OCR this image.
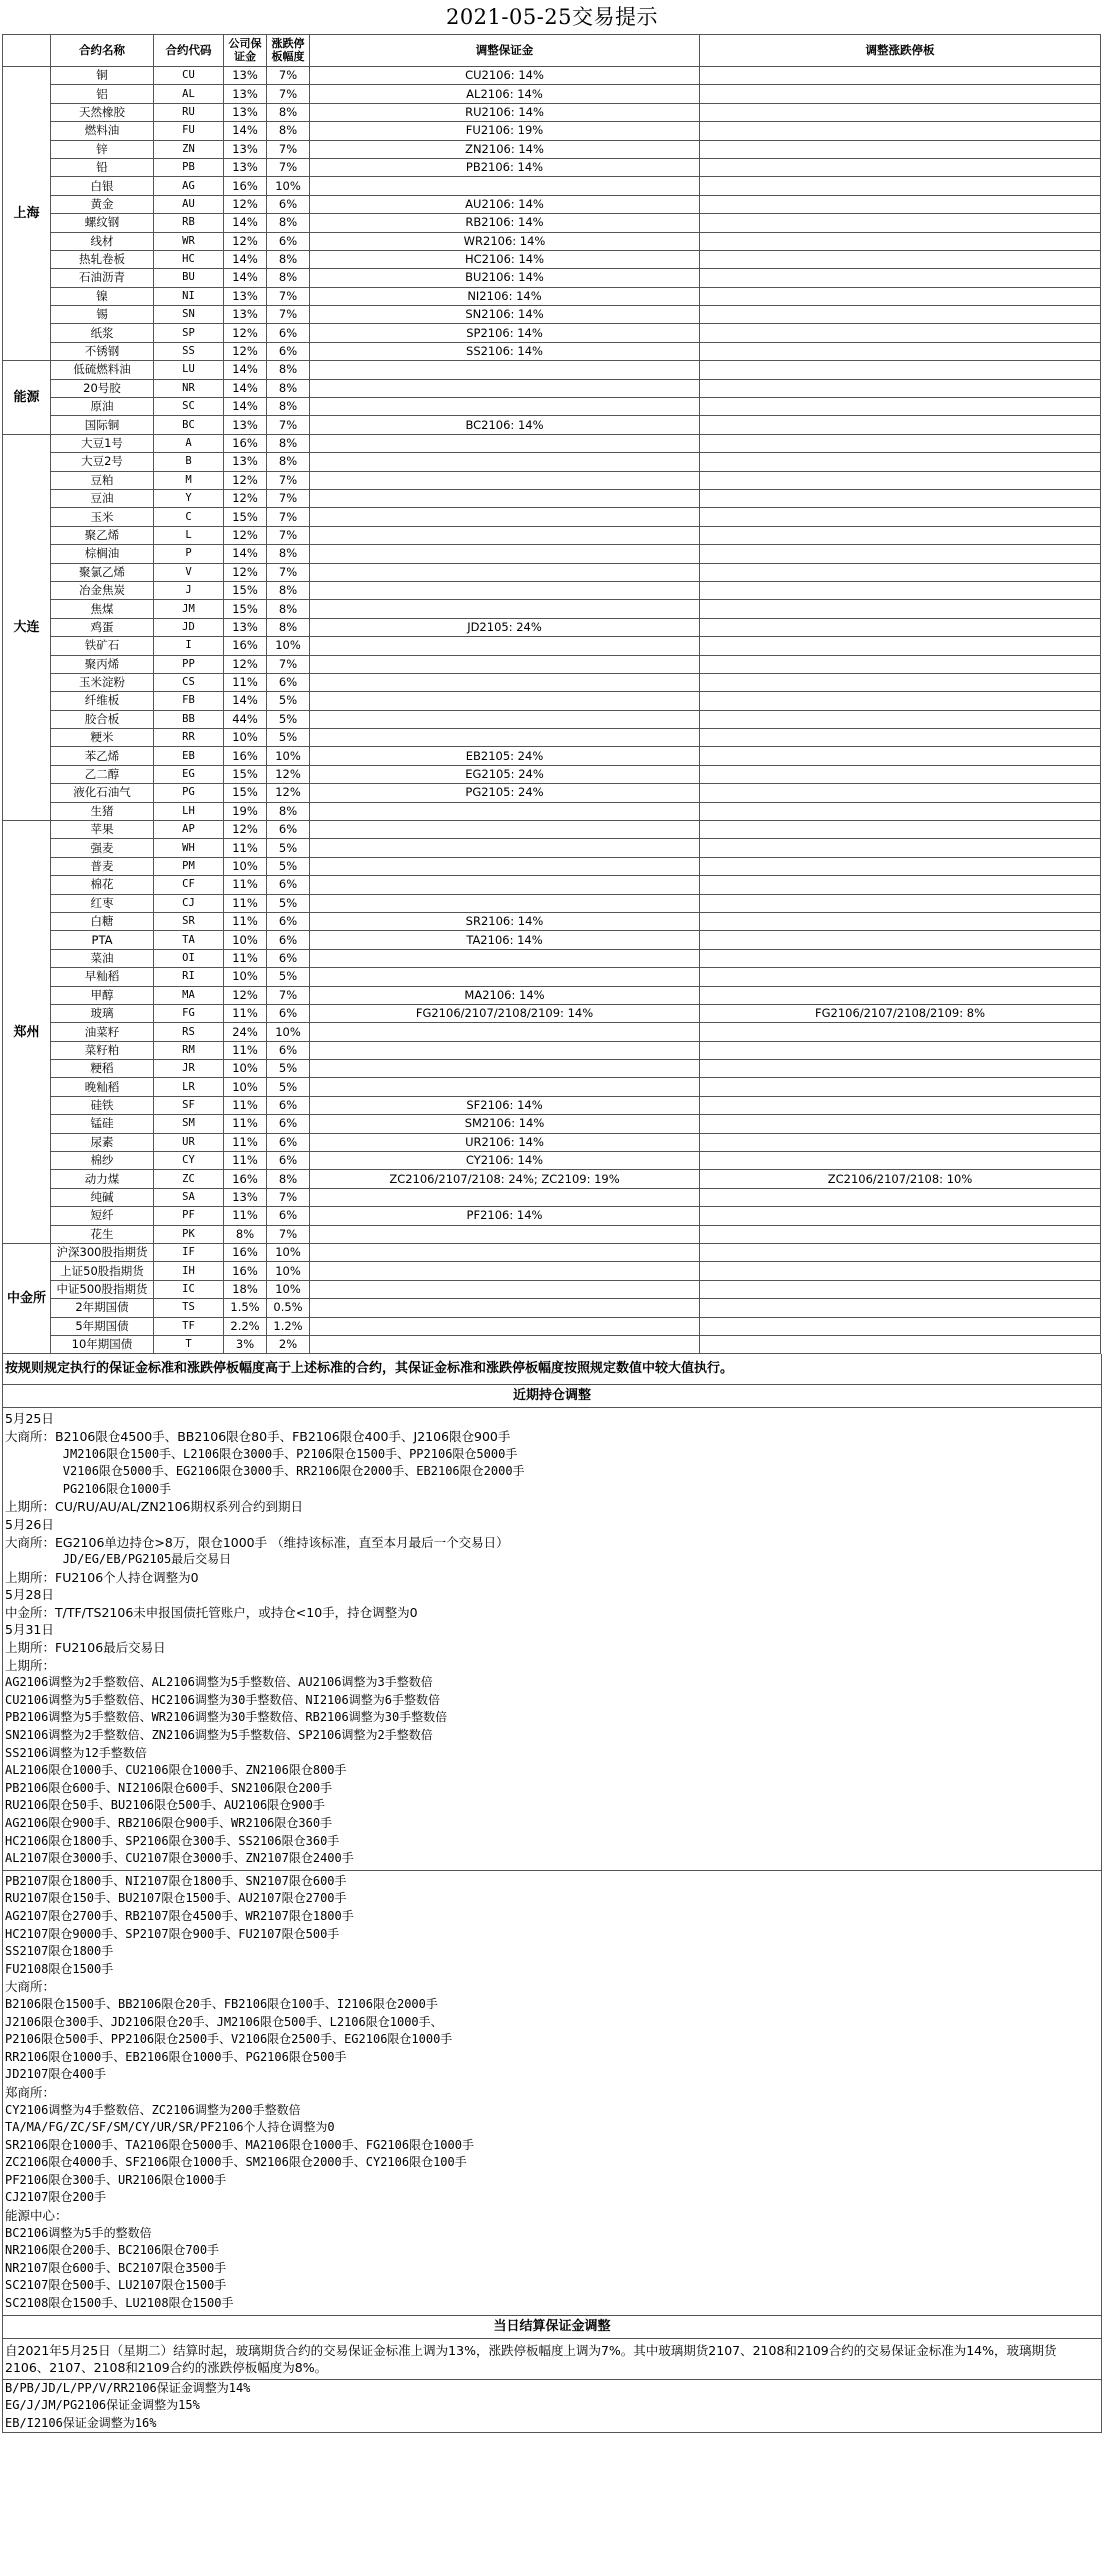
2021-05-25交易提示
	合约名称	合约代码	公司保证金	涨跌停板幅度	调整保证金	调整涨跌停板
上海	铜	CU	13%	7%	CU2106: 14%	
	铝	AL	13%	7%	AL2106: 14%	
	天然橡胶	RU	13%	8%	RU2106: 14%	
	燃料油	FU	14%	8%	FU2106: 19%	
	锌	ZN	13%	7%	ZN2106: 14%	
	铅	PB	13%	7%	PB2106: 14%	
	白银	AG	16%	10%		
	黄金	AU	12%	6%	AU2106: 14%	
	螺纹钢	RB	14%	8%	RB2106: 14%	
	线材	WR	12%	6%	WR2106: 14%	
	热轧卷板	HC	14%	8%	HC2106: 14%	
	石油沥青	BU	14%	8%	BU2106: 14%	
	镍	NI	13%	7%	NI2106: 14%	
	锡	SN	13%	7%	SN2106: 14%	
	纸浆	SP	12%	6%	SP2106: 14%	
	不锈钢	SS	12%	6%	SS2106: 14%	
能源	低硫燃料油	LU	14%	8%		
	20号胶	NR	14%	8%		
	原油	SC	14%	8%		
	国际铜	BC	13%	7%	BC2106: 14%	
大连	大豆1号	A	16%	8%		
	大豆2号	B	13%	8%		
	豆粕	M	12%	7%		
	豆油	Y	12%	7%		
	玉米	C	15%	7%		
	聚乙烯	L	12%	7%		
	棕榈油	P	14%	8%		
	聚氯乙烯	V	12%	7%		
	冶金焦炭	J	15%	8%		
	焦煤	JM	15%	8%		
	鸡蛋	JD	13%	8%	JD2105: 24%	
	铁矿石	I	16%	10%		
	聚丙烯	PP	12%	7%		
	玉米淀粉	CS	11%	6%		
	纤维板	FB	14%	5%		
	胶合板	BB	44%	5%		
	粳米	RR	10%	5%		
	苯乙烯	EB	16%	10%	EB2105: 24%	
	乙二醇	EG	15%	12%	EG2105: 24%	
	液化石油气	PG	15%	12%	PG2105: 24%	
	生猪	LH	19%	8%		
郑州	苹果	AP	12%	6%		
	强麦	WH	11%	5%		
	普麦	PM	10%	5%		
	棉花	CF	11%	6%		
	红枣	CJ	11%	5%		
	白糖	SR	11%	6%	SR2106: 14%	
	PTA	TA	10%	6%	TA2106: 14%	
	菜油	OI	11%	6%		
	早籼稻	RI	10%	5%		
	甲醇	MA	12%	7%	MA2106: 14%	
	玻璃	FG	11%	6%	FG2106/2107/2108/2109: 14%	FG2106/2107/2108/2109: 8%
	油菜籽	RS	24%	10%		
	菜籽粕	RM	11%	6%		
	粳稻	JR	10%	5%		
	晚籼稻	LR	10%	5%		
	硅铁	SF	11%	6%	SF2106: 14%	
	锰硅	SM	11%	6%	SM2106: 14%	
	尿素	UR	11%	6%	UR2106: 14%	
	棉纱	CY	11%	6%	CY2106: 14%	
	动力煤	ZC	16%	8%	ZC2106/2107/2108: 24%; ZC2109: 19%	ZC2106/2107/2108: 10%
	纯碱	SA	13%	7%		
	短纤	PF	11%	6%	PF2106: 14%	
	花生	PK	8%	7%		
中金所	沪深300股指期货	IF	16%	10%		
	上证50股指期货	IH	16%	10%		
	中证500股指期货	IC	18%	10%		
	2年期国债	TS	1.5%	0.5%		
	5年期国债	TF	2.2%	1.2%		
	10年期国债	T	3%	2%		
按规则规定执行的保证金标准和涨跌停板幅度高于上述标准的合约，其保证金标准和涨跌停板幅度按照规定数值中较大值执行。
近期持仓调整
5月25日
大商所：B2106限仓4500手、BB2106限仓80手、FB2106限仓400手、J2106限仓900手
JM2106限仓1500手、L2106限仓3000手、P2106限仓1500手、PP2106限仓5000手
V2106限仓5000手、EG2106限仓3000手、RR2106限仓2000手、EB2106限仓2000手
PG2106限仓1000手
上期所：CU/RU/AU/AL/ZN2106期权系列合约到期日
5月26日
大商所：EG2106单边持仓>8万，限仓1000手 （维持该标准，直至本月最后一个交易日）
JD/EG/EB/PG2105最后交易日
上期所：FU2106个人持仓调整为0
5月28日
中金所：T/TF/TS2106未申报国债托管账户，或持仓<10手，持仓调整为0
5月31日
上期所：FU2106最后交易日
上期所：
AG2106调整为2手整数倍、AL2106调整为5手整数倍、AU2106调整为3手整数倍
CU2106调整为5手整数倍、HC2106调整为30手整数倍、NI2106调整为6手整数倍
PB2106调整为5手整数倍、WR2106调整为30手整数倍、RB2106调整为30手整数倍
SN2106调整为2手整数倍、ZN2106调整为5手整数倍、SP2106调整为2手整数倍
SS2106调整为12手整数倍
AL2106限仓1000手、CU2106限仓1000手、ZN2106限仓800手
PB2106限仓600手、NI2106限仓600手、SN2106限仓200手
RU2106限仓50手、BU2106限仓500手、AU2106限仓900手
AG2106限仓900手、RB2106限仓900手、WR2106限仓360手
HC2106限仓1800手、SP2106限仓300手、SS2106限仓360手
AL2107限仓3000手、CU2107限仓3000手、ZN2107限仓2400手
PB2107限仓1800手、NI2107限仓1800手、SN2107限仓600手
RU2107限仓150手、BU2107限仓1500手、AU2107限仓2700手
AG2107限仓2700手、RB2107限仓4500手、WR2107限仓1800手
HC2107限仓9000手、SP2107限仓900手、FU2107限仓500手
SS2107限仓1800手
FU2108限仓1500手
大商所：
B2106限仓1500手、BB2106限仓20手、FB2106限仓100手、I2106限仓2000手
J2106限仓300手、JD2106限仓20手、JM2106限仓500手、L2106限仓1000手、
P2106限仓500手、PP2106限仓2500手、V2106限仓2500手、EG2106限仓1000手
RR2106限仓1000手、EB2106限仓1000手、PG2106限仓500手
JD2107限仓400手
郑商所：
CY2106调整为4手整数倍、ZC2106调整为200手整数倍
TA/MA/FG/ZC/SF/SM/CY/UR/SR/PF2106个人持仓调整为0
SR2106限仓1000手、TA2106限仓5000手、MA2106限仓1000手、FG2106限仓1000手
ZC2106限仓4000手、SF2106限仓1000手、SM2106限仓2000手、CY2106限仓100手
PF2106限仓300手、UR2106限仓1000手
CJ2107限仓200手
能源中心：
BC2106调整为5手的整数倍
NR2106限仓200手、BC2106限仓700手
NR2107限仓600手、BC2107限仓3500手
SC2107限仓500手、LU2107限仓1500手
SC2108限仓1500手、LU2108限仓1500手
当日结算保证金调整
自2021年5月25日（星期二）结算时起，玻璃期货合约的交易保证金标准上调为13%，涨跌停板幅度上调为7%。其中玻璃期货2107、2108和2109合约的交易保证金标准为14%，玻璃期货2106、2107、2108和2109合约的涨跌停板幅度为8%。
B/PB/JD/L/PP/V/RR2106保证金调整为14%
EG/J/JM/PG2106保证金调整为15%
EB/I2106保证金调整为16%
